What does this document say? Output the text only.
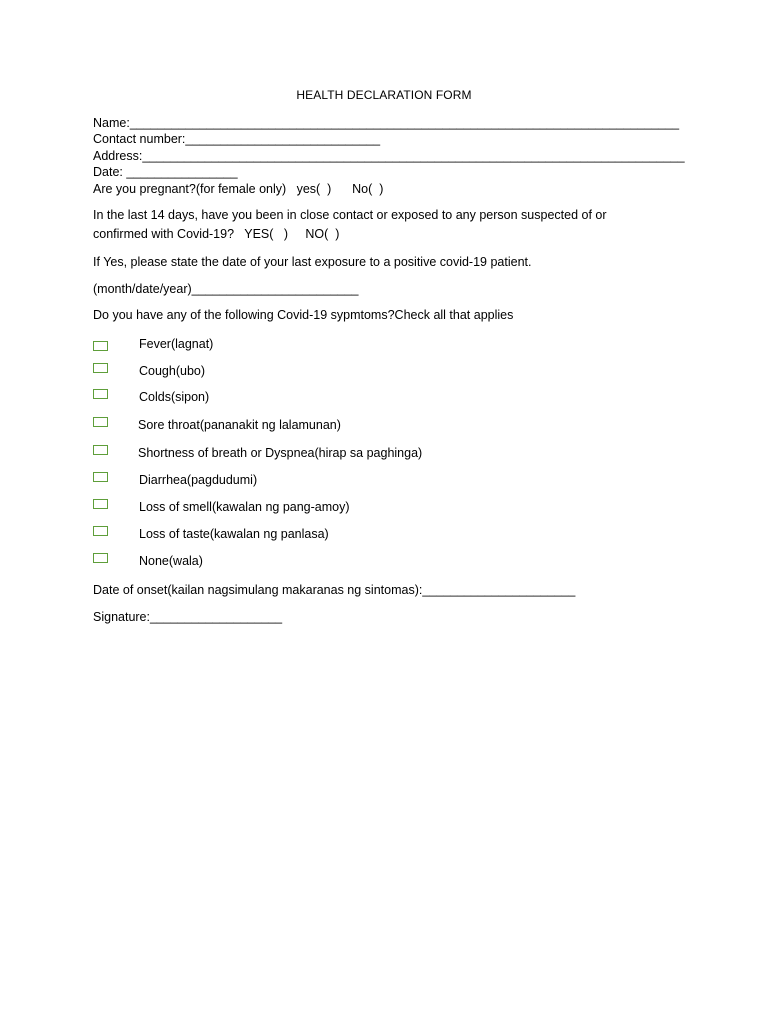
HEALTH DECLARATION FORM
Name:_______________________________________________________________________________
Contact number:____________________________
Address:______________________________________________________________________________
Date: ________________
Are you pregnant?(for female only)   yes(  )      No(  )
In the last 14 days, have you been in close contact or exposed to any person suspected of or
confirmed with Covid-19?   YES(   )     NO(  )
If Yes, please state the date of your last exposure to a positive covid-19 patient.
(month/date/year)________________________
Do you have any of the following Covid-19 sypmtoms?Check all that applies
Fever(lagnat)
Cough(ubo)
Colds(sipon)
Sore throat(pananakit ng lalamunan)
Shortness of breath or Dyspnea(hirap sa paghinga)
Diarrhea(pagdudumi)
Loss of smell(kawalan ng pang-amoy)
Loss of taste(kawalan ng panlasa)
None(wala)
Date of onset(kailan nagsimulang makaranas ng sintomas):______________________
Signature:___________________
